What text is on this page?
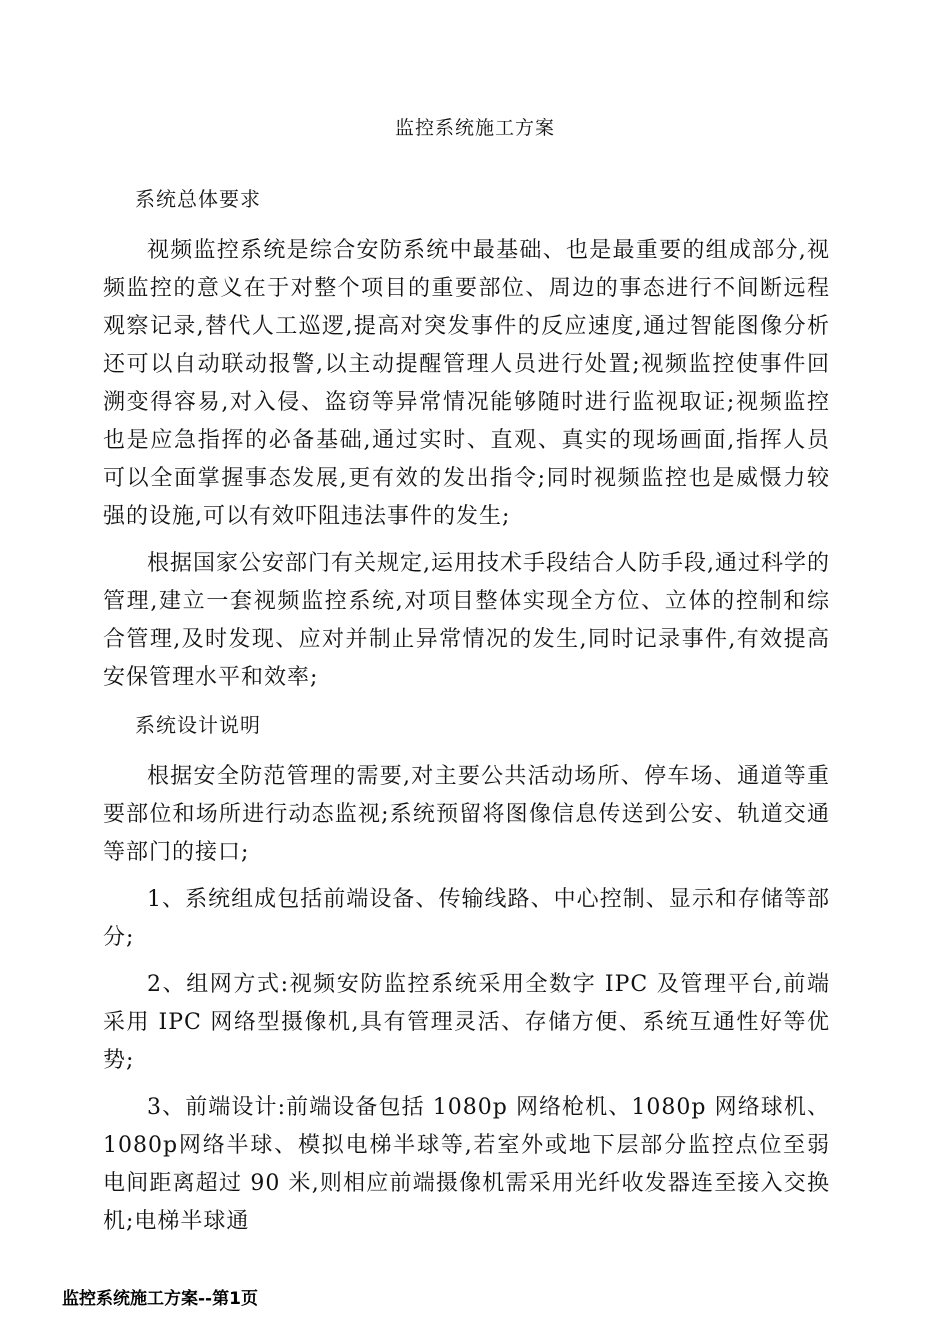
监控系统施工方案
系统总体要求

视频监控系统是综合安防系统中最基础、也是最重要的组成部分,视频监控的意义在于对整个项目的重要部位、周边的事态进行不间断远程观察记录,替代人工巡逻,提高对突发事件的反应速度,通过智能图像分析还可以自动联动报警,以主动提醒管理人员进行处置;视频监控使事件回溯变得容易,对入侵、盗窃等异常情况能够随时进行监视取证;视频监控也是应急指挥的必备基础,通过实时、直观、真实的现场画面,指挥人员可以全面掌握事态发展,更有效的发出指令;同时视频监控也是威慑力较强的设施,可以有效吓阻违法事件的发生;

根据国家公安部门有关规定,运用技术手段结合人防手段,通过科学的管理,建立一套视频监控系统,对项目整体实现全方位、立体的控制和综合管理,及时发现、应对并制止异常情况的发生,同时记录事件,有效提高安保管理水平和效率;

系统设计说明

根据安全防范管理的需要,对主要公共活动场所、停车场、通道等重要部位和场所进行动态监视;系统预留将图像信息传送到公安、轨道交通等部门的接口;

1、系统组成包括前端设备、传输线路、中心控制、显示和存储等部分;

2、组网方式:视频安防监控系统采用全数字 IPC 及管理平台,前端采用 IPC 网络型摄像机,具有管理灵活、存储方便、系统互通性好等优势;

3、前端设计:前端设备包括 1080p 网络枪机、1080p 网络球机、1080p网络半球、模拟电梯半球等,若室外或地下层部分监控点位至弱电间距离超过 90 米,则相应前端摄像机需采用光纤收发器连至接入交换机;电梯半球通

监控系统施工方案--第1页
